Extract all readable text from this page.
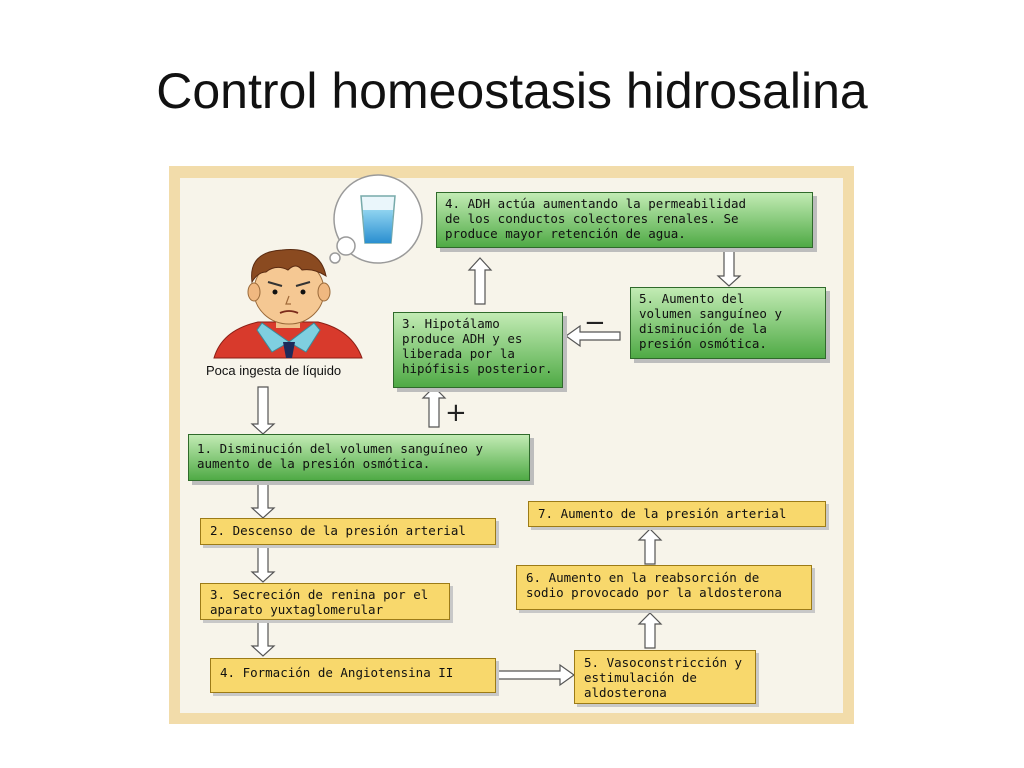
Control homeostasis hidrosalina
Poca ingesta de líquido
4. ADH actúa aumentando la permeabilidad
de los conductos colectores renales. Se
produce mayor retención de agua.
5. Aumento del
volumen sanguíneo y
disminución de la
presión osmótica.
3. Hipotálamo
produce ADH y es
liberada por la
hipófisis posterior.
1. Disminución del volumen sanguíneo y
aumento de la presión osmótica.
+
−
7. Aumento de la presión arterial
2. Descenso de la presión arterial
6. Aumento en la reabsorción de
sodio provocado por la aldosterona
3. Secreción de renina por el
aparato yuxtaglomerular
4. Formación de Angiotensina II
5. Vasoconstricción y
estimulación de
aldosterona
